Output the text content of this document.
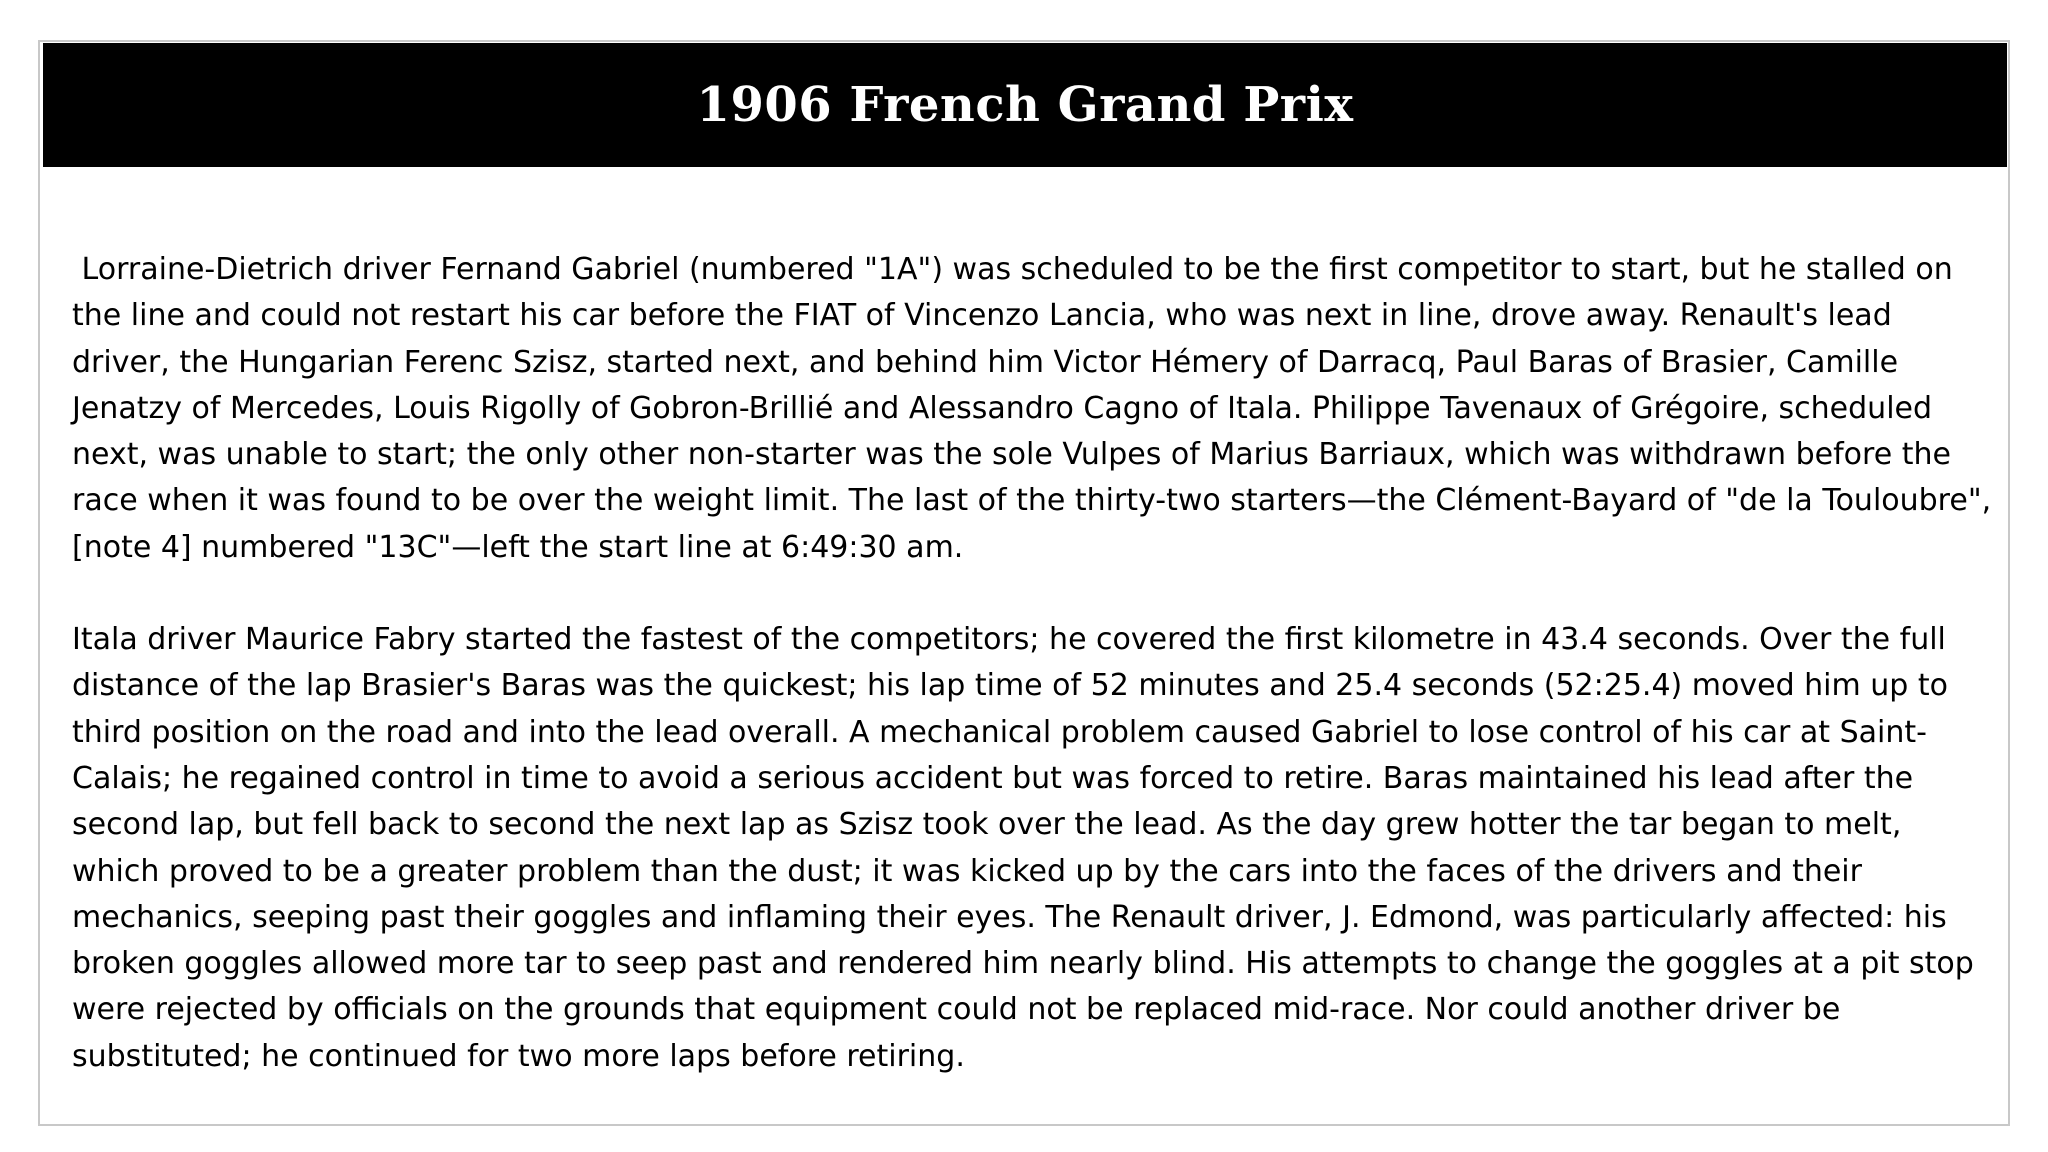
1906 French Grand Prix

Lorraine-Dietrich driver Fernand Gabriel (numbered "1A") was scheduled to be the first competitor to start, but he stalled on the line and could not restart his car before the FIAT of Vincenzo Lancia, who was next in line, drove away. Renault's lead driver, the Hungarian Ferenc Szisz, started next, and behind him Victor Hémery of Darracq, Paul Baras of Brasier, Camille Jenatzy of Mercedes, Louis Rigolly of Gobron-Brillié and Alessandro Cagno of Itala. Philippe Tavenaux of Grégoire, scheduled next, was unable to start; the only other non-starter was the sole Vulpes of Marius Barriaux, which was withdrawn before the race when it was found to be over the weight limit. The last of the thirty-two starters—the Clément-Bayard of "de la Touloubre",[note 4] numbered "13C"—left the start line at 6:49:30 am.

Itala driver Maurice Fabry started the fastest of the competitors; he covered the first kilometre in 43.4 seconds. Over the full distance of the lap Brasier's Baras was the quickest; his lap time of 52 minutes and 25.4 seconds (52:25.4) moved him up to third position on the road and into the lead overall. A mechanical problem caused Gabriel to lose control of his car at Saint-Calais; he regained control in time to avoid a serious accident but was forced to retire. Baras maintained his lead after the second lap, but fell back to second the next lap as Szisz took over the lead. As the day grew hotter the tar began to melt, which proved to be a greater problem than the dust; it was kicked up by the cars into the faces of the drivers and their mechanics, seeping past their goggles and inflaming their eyes. The Renault driver, J. Edmond, was particularly affected: his broken goggles allowed more tar to seep past and rendered him nearly blind. His attempts to change the goggles at a pit stop were rejected by officials on the grounds that equipment could not be replaced mid-race. Nor could another driver be substituted; he continued for two more laps before retiring.
